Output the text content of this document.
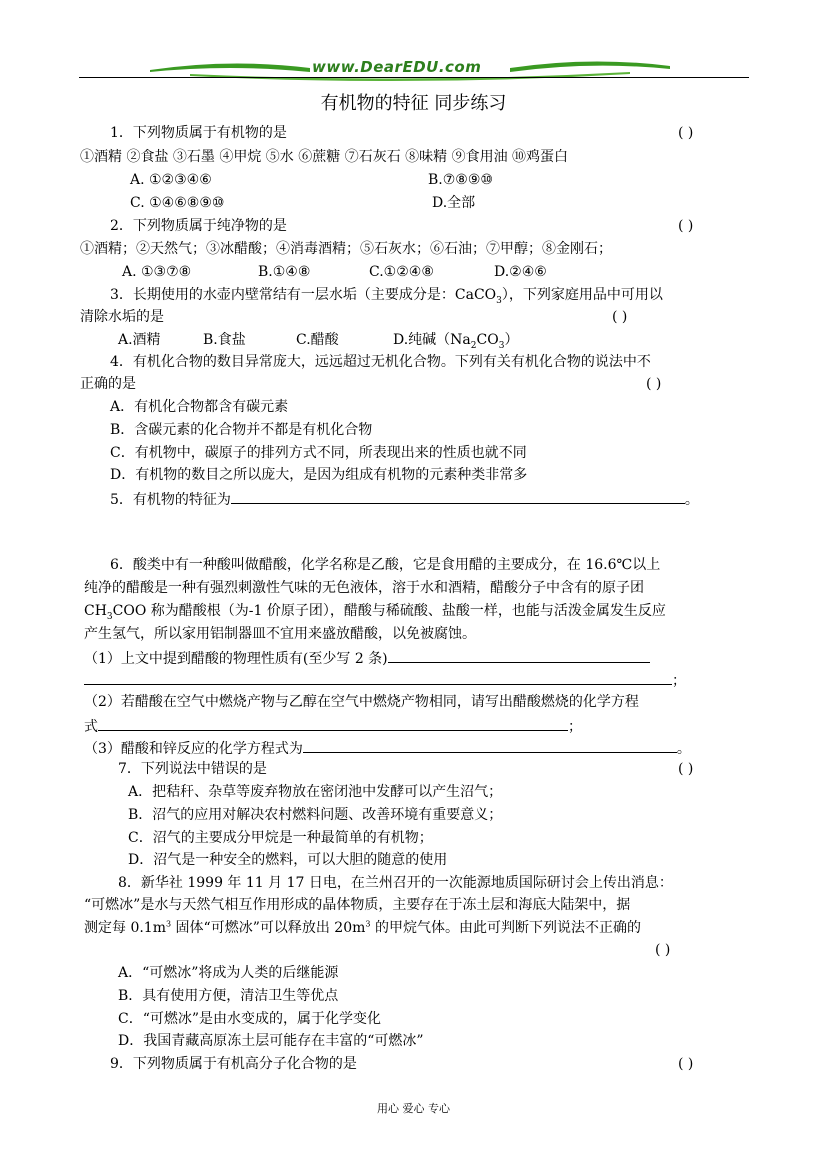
www.DearEDU.com
有机物的特征 同步练习
1．下列物质属于有机物的是	( )
①酒精 ②食盐 ③石墨 ④甲烷 ⑤水 ⑥蔗糖 ⑦石灰石 ⑧味精 ⑨食用油 ⑩鸡蛋白
A. ①②③④⑥	B.⑦⑧⑨⑩
C. ①④⑥⑧⑨⑩	D.全部
2．下列物质属于纯净物的是	( )
①酒精；②天然气；③冰醋酸；④消毒酒精；⑤石灰水；⑥石油；⑦甲醇；⑧金刚石；
A. ①③⑦⑧	B.①④⑧	C.①②④⑧	D.②④⑥
3．长期使用的水壶内壁常结有一层水垢（主要成分是：CaCO$_3$），下列家庭用品中可用以
清除水垢的是	( )
A.酒精	B.食盐	C.醋酸	D.纯碱$(Na_2CO_3)$
4．有机化合物的数目异常庞大，远远超过无机化合物。下列有关有机化合物的说法中不
正确的是	( )
A．有机化合物都含有碳元素
B．含碳元素的化合物并不都是有机化合物
C．有机物中，碳原子的排列方式不同，所表现出来的性质也就不同
D．有机物的数目之所以庞大，是因为组成有机物的元素种类非常多
5．有机物的特征为	。
6．酸类中有一种酸叫做醋酸，化学名称是乙酸，它是食用醋的主要成分，在 16.6℃以上
纯净的醋酸是一种有强烈刺激性气味的无色液体，溶于水和酒精，醋酸分子中含有的原子团
$CH_3COO$ 称为醋酸根（为-1 价原子团），醋酸与稀硫酸、盐酸一样，也能与活泼金属发生反应
产生氢气，所以家用铝制器皿不宜用来盛放醋酸，以免被腐蚀。
（1）上文中提到醋酸的物理性质有(至少写 2 条)
；
（2）若醋酸在空气中燃烧产物与乙醇在空气中燃烧产物相同，请写出醋酸燃烧的化学方程
式	；
（3）醋酸和锌反应的化学方程式为	。
7．下列说法中错误的是	( )
A．把秸秆、杂草等废弃物放在密闭池中发酵可以产生沼气；
B．沼气的应用对解决农村燃料问题、改善环境有重要意义；
C．沼气的主要成分甲烷是一种最简单的有机物；
D．沼气是一种安全的燃料，可以大胆的随意的使用
8．新华社 1999 年 11 月 17 日电，在兰州召开的一次能源地质国际研讨会上传出消息：
“可燃冰”是水与天然气相互作用形成的晶体物质，主要存在于冻土层和海底大陆架中，据
测定每 $0.1m^3$ 固体“可燃冰”可以释放出 $20m^3$ 的甲烷气体。由此可判断下列说法不正确的
( )
A．“可燃冰”将成为人类的后继能源
B．具有使用方便，清洁卫生等优点
C．“可燃冰”是由水变成的，属于化学变化
D．我国青藏高原冻土层可能存在丰富的“可燃冰”
9．下列物质属于有机高分子化合物的是	( )
用心 爱心 专心
